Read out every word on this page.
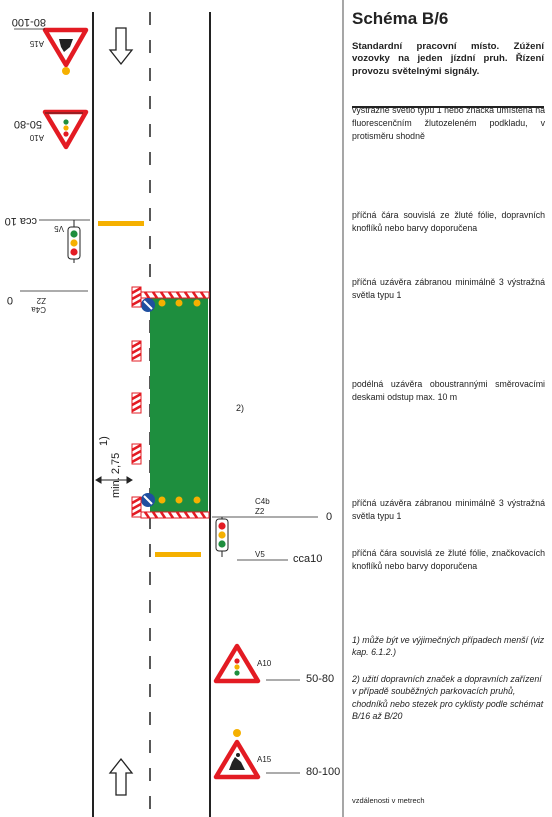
min. 2,75
1)
80-100
A15
50-80
A10
cca 10
V5
0	Z2
C4a
Schéma B/6
Standardní pracovní místo. Zúžení vozovky na jeden jízdní pruh. Řízení provozu světelnými signály.
výstražné světlo typu 1 nebo značka umístěna na fluorescenčním žlutozeleném podkladu, v protisměru shodně
příčná čára souvislá ze žluté fólie, dopravních knoflíků nebo barvy doporučena
příčná uzávěra zábranou minimálně 3 výstražná světla typu 1
podélná uzávěra oboustrannými směrovacími deskami odstup max. 10 m
příčná uzávěra zábranou minimálně 3 výstražná světla typu 1
příčná čára souvislá ze žluté fólie, značkovacích knoflíků nebo barvy doporučena
1) může být ve výjimečných případech menší (viz kap. 6.1.2.)
2) užití dopravních značek a dopravních zařízení v případě souběžných parkovacích pruhů, chodníků nebo stezek pro cyklisty podle schémat B/16 až B/20
vzdálenosti v metrech
2)
C4b
Z2	0
V5	cca10
A10
50-80
A15
80-100
